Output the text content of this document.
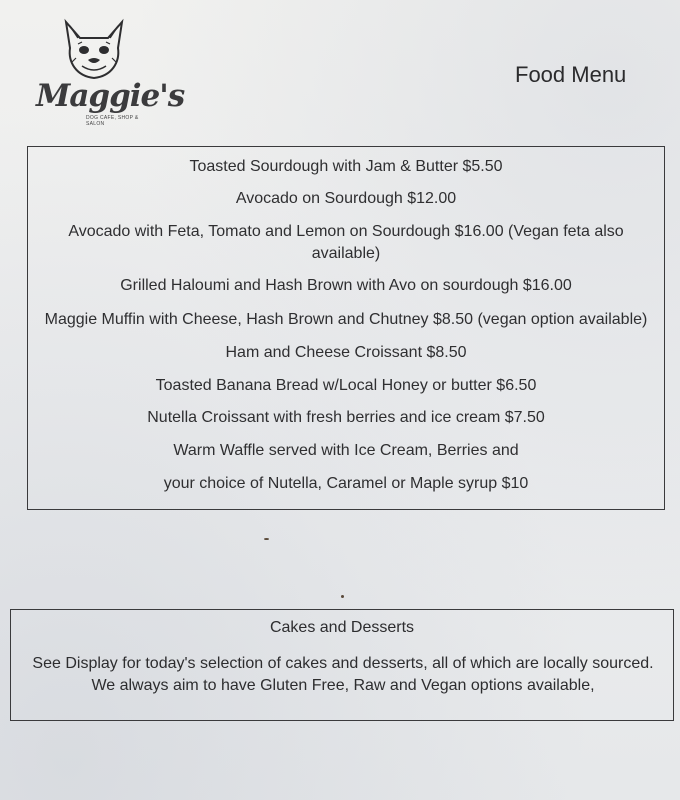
Maggie's
DOG CAFE, SHOP & SALON
Food Menu
Toasted Sourdough with Jam & Butter $5.50
Avocado on Sourdough $12.00
Avocado with Feta, Tomato and Lemon on Sourdough $16.00 (Vegan feta also
available)
Grilled Haloumi and Hash Brown with Avo on sourdough $16.00
Maggie Muffin with Cheese, Hash Brown and Chutney $8.50 (vegan option available)
Ham and Cheese Croissant $8.50
Toasted Banana Bread w/Local Honey or butter $6.50
Nutella Croissant with fresh berries and ice cream $7.50
Warm Waffle served with Ice Cream, Berries and
your choice of Nutella, Caramel or Maple syrup $10
Cakes and Desserts
See Display for today's selection of cakes and desserts, all of which are locally sourced. We always aim to have Gluten Free, Raw and Vegan options available,
